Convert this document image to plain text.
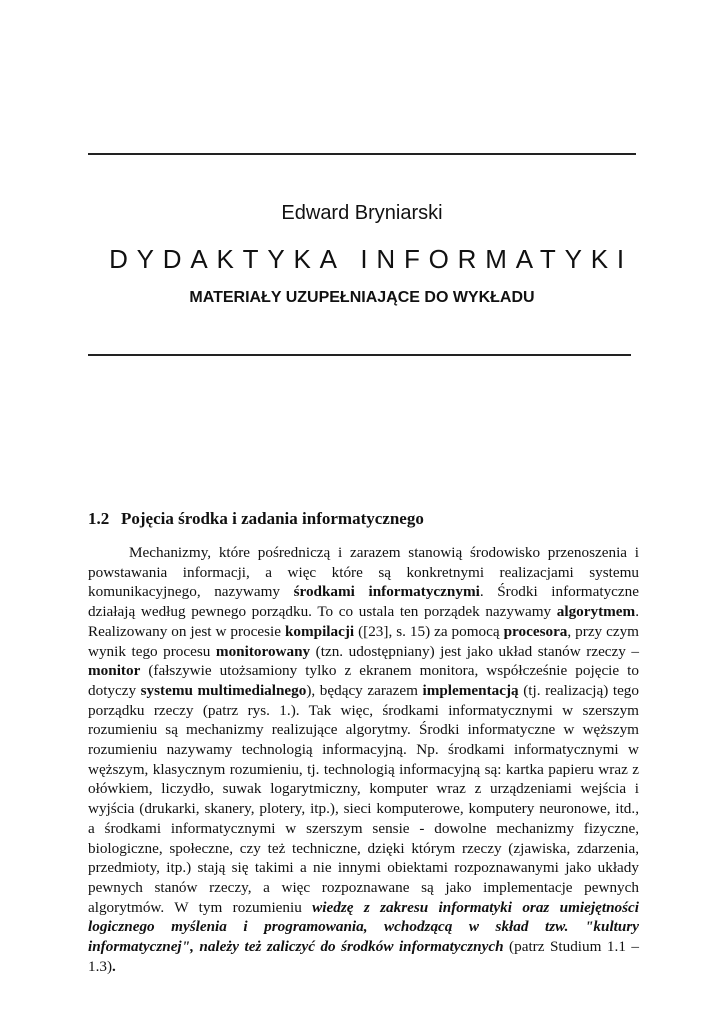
Edward Bryniarski
DYDAKTYKA INFORMATYKI
MATERIAŁY UZUPEŁNIAJĄCE DO WYKŁADU
1.2 Pojęcia środka i zadania informatycznego

Mechanizmy, które pośredniczą i zarazem stanowią środowisko przenoszenia i powstawania informacji, a więc które są konkretnymi realizacjami systemu komunikacyjnego, nazywamy środkami informatycznymi. Środki informatyczne działają według pewnego porządku. To co ustala ten porządek nazywamy algorytmem. Realizowany on jest w procesie kompilacji ([23], s. 15) za pomocą procesora, przy czym wynik tego procesu monitorowany (tzn. udostępniany) jest jako układ stanów rzeczy – monitor (fałszywie utożsamiony tylko z ekranem monitora, współcześnie pojęcie to dotyczy systemu multimedialnego), będący zarazem implementacją (tj. realizacją) tego porządku rzeczy (patrz rys. 1.). Tak więc, środkami informatycznymi w szerszym rozumieniu są mechanizmy realizujące algorytmy. Środki informatyczne w węższym rozumieniu nazywamy technologią informacyjną. Np. środkami informatycznymi w węższym, klasycznym rozumieniu, tj. technologią informacyjną są: kartka papieru wraz z ołówkiem, liczydło, suwak logarytmiczny, komputer wraz z urządzeniami wejścia i wyjścia (drukarki, skanery, plotery, itp.), sieci komputerowe, komputery neuronowe, itd., a środkami informatycznymi w szerszym sensie - dowolne mechanizmy fizyczne, biologiczne, społeczne, czy też techniczne, dzięki którym rzeczy (zjawiska, zdarzenia, przedmioty, itp.) stają się takimi a nie innymi obiektami rozpoznawanymi jako układy pewnych stanów rzeczy, a więc rozpoznawane są jako implementacje pewnych algorytmów. W tym rozumieniu wiedzę z zakresu informatyki oraz umiejętności logicznego myślenia i programowania, wchodzącą w skład tzw. "kultury informatycznej", należy też zaliczyć do środków informatycznych (patrz Studium 1.1 – 1.3).
